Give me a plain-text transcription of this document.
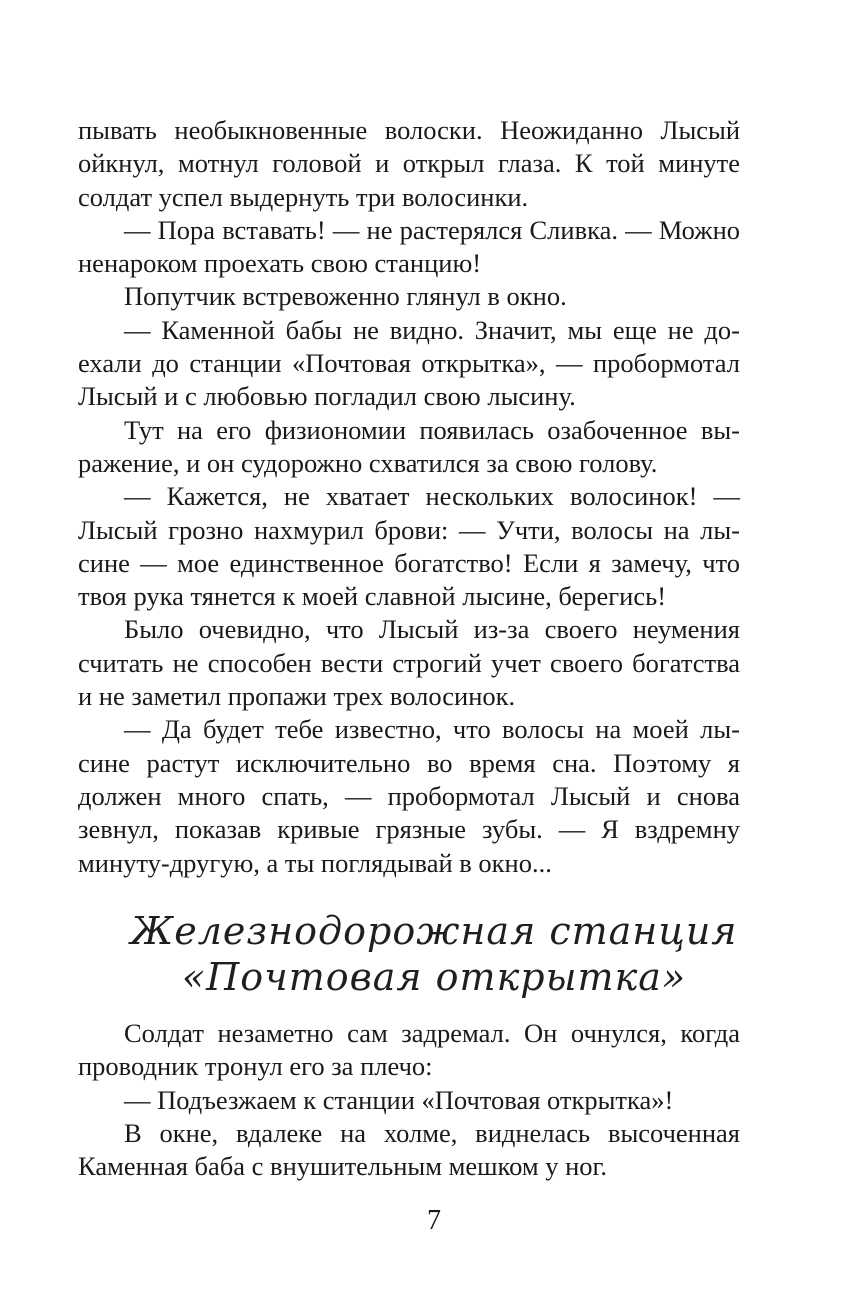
пывать необыкновенные волоски. Неожиданно Лысый ойкнул, мотнул головой и открыл глаза. К той минуте солдат успел выдернуть три волосинки.

— Пора вставать! — не растерялся Сливка. — Можно ненароком проехать свою станцию!

Попутчик встревоженно глянул в окно.

— Каменной бабы не видно. Значит, мы еще не доехали до станции «Почтовая открытка», — пробормотал Лысый и с любовью погладил свою лысину.

Тут на его физиономии появилась озабоченное выражение, и он судорожно схватился за свою голову.

— Кажется, не хватает нескольких волосинок! — Лысый грозно нахмурил брови: — Учти, волосы на лысине — мое единственное богатство! Если я замечу, что твоя рука тянется к моей славной лысине, берегись!

Было очевидно, что Лысый из-за своего неумения считать не способен вести строгий учет своего богатства и не заметил пропажи трех волосинок.

— Да будет тебе известно, что волосы на моей лысине растут исключительно во время сна. Поэтому я должен много спать, — пробормотал Лысый и снова зевнул, показав кривые грязные зубы. — Я вздремну минуту-другую, а ты поглядывай в окно...

Железнодорожная станция
«Почтовая открытка»

Солдат незаметно сам задремал. Он очнулся, когда проводник тронул его за плечо:

— Подъезжаем к станции «Почтовая открытка»!

В окне, вдалеке на холме, виднелась высоченная Каменная баба с внушительным мешком у ног.

7
